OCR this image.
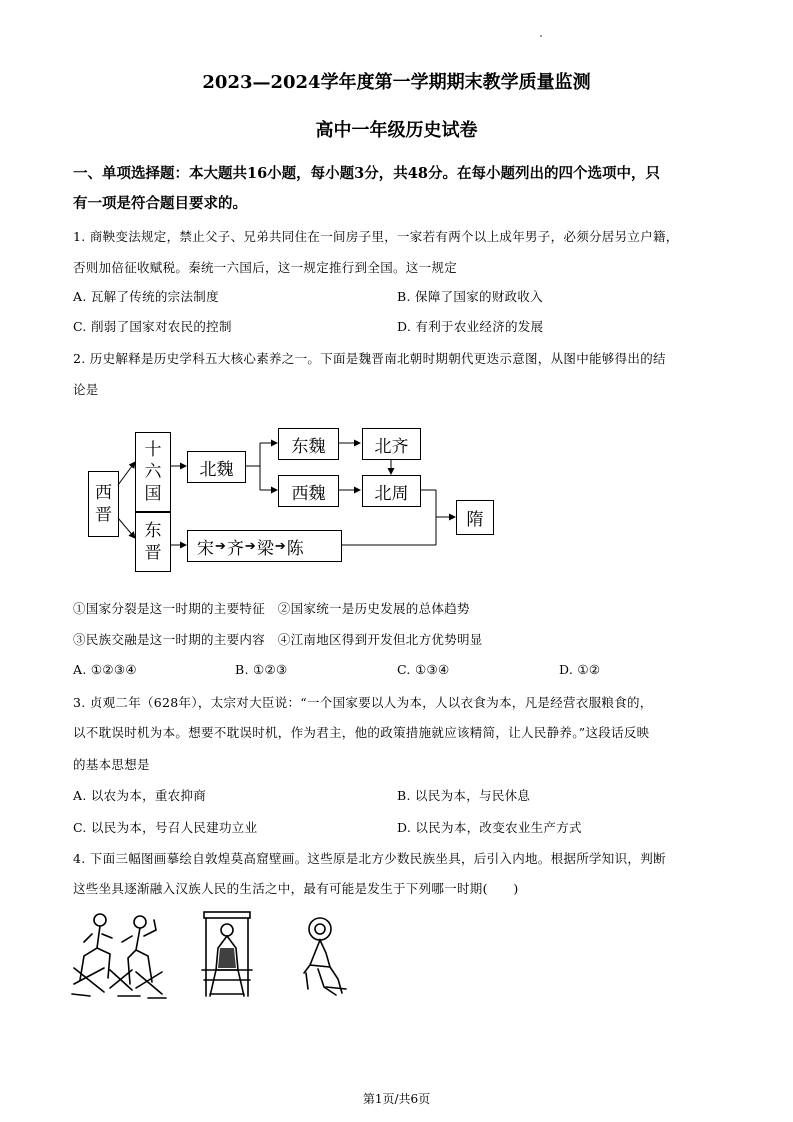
2023—2024学年度第一学期期末教学质量监测
高中一年级历史试卷
一、单项选择题：本大题共16小题，每小题3分，共48分。在每小题列出的四个选项中，只
有一项是符合题目要求的。
1. 商鞅变法规定，禁止父子、兄弟共同住在一间房子里，一家若有两个以上成年男子，必须分居另立户籍，
否则加倍征收赋税。秦统一六国后，这一规定推行到全国。这一规定
A. 瓦解了传统的宗法制度	B. 保障了国家的财政收入
C. 削弱了国家对农民的控制	D. 有利于农业经济的发展
2. 历史解释是历史学科五大核心素养之一。下面是魏晋南北朝时期朝代更迭示意图，从图中能够得出的结
论是
西
晋
十
六
国
东
晋
北魏
东魏	北齐
西魏	北周
隋
宋 ➔ 齐 ➔ 梁 ➔ 陈
①国家分裂是这一时期的主要特征　②国家统一是历史发展的总体趋势
③民族交融是这一时期的主要内容　④江南地区得到开发但北方优势明显
A. ①②③④	B. ①②③	C. ①③④	D. ①②
3. 贞观二年（628年），太宗对大臣说：“一个国家要以人为本，人以衣食为本，凡是经营衣服粮食的，
以不耽误时机为本。想要不耽误时机，作为君主，他的政策措施就应该精简，让人民静养。”这段话反映
的基本思想是
A. 以农为本，重农抑商	B. 以民为本，与民休息
C. 以民为本，号召人民建功立业	D. 以民为本，改变农业生产方式
4. 下面三幅图画摹绘自敦煌莫高窟壁画。这些原是北方少数民族坐具，后引入内地。根据所学知识，判断
这些坐具逐渐融入汉族人民的生活之中，最有可能是发生于下列哪一时期(　　)
第1页/共6页
